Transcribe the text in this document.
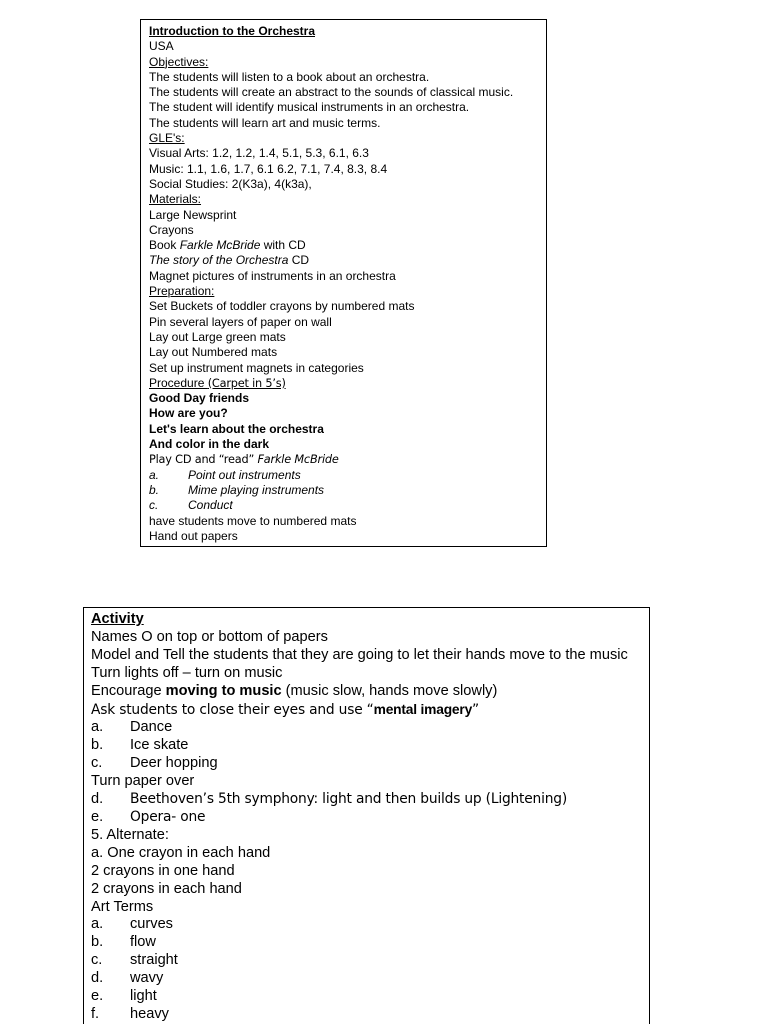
Introduction to the Orchestra
USA
Objectives:
The students will listen to a book about an orchestra.
The students will create an abstract to the sounds of classical music.
The student will identify musical instruments in an orchestra.
The students will learn art and music terms.
GLE's:
Visual Arts: 1.2, 1.2, 1.4, 5.1, 5.3, 6.1, 6.3
Music: 1.1, 1.6, 1.7, 6.1 6.2, 7.1, 7.4, 8.3, 8.4
Social Studies: 2(K3a), 4(k3a),
Materials:
Large Newsprint
Crayons
Book Farkle McBride with CD
The story of the Orchestra CD
Magnet pictures of instruments in an orchestra
Preparation:
Set Buckets of toddler crayons by numbered mats
Pin several layers of paper on wall
Lay out Large green mats
Lay out Numbered mats
Set up instrument magnets in categories
Procedure (Carpet in 5’s)
Good Day friends
How are you?
Let's learn about the orchestra
And color in the dark
Play CD and “read” Farkle McBride
a.	Point out instruments
b.	Mime playing instruments
c.	Conduct
have students move to numbered mats
Hand out papers
Activity
Names O on top or bottom of papers
Model and Tell the students that they are going to let their hands move to the music
Turn lights off – turn on music
Encourage moving to music (music slow, hands move slowly)
Ask students to close their eyes and use “mental imagery”
a.	Dance
b.	Ice skate
c.	Deer hopping
Turn paper over
d.	Beethoven’s 5th symphony: light and then builds up (Lightening)
e.	Opera- one
5. Alternate:
a. One crayon in each hand
2 crayons in one hand
2 crayons in each hand
Art Terms
a.	curves
b.	flow
c.	straight
d.	wavy
e.	light
f.	heavy
